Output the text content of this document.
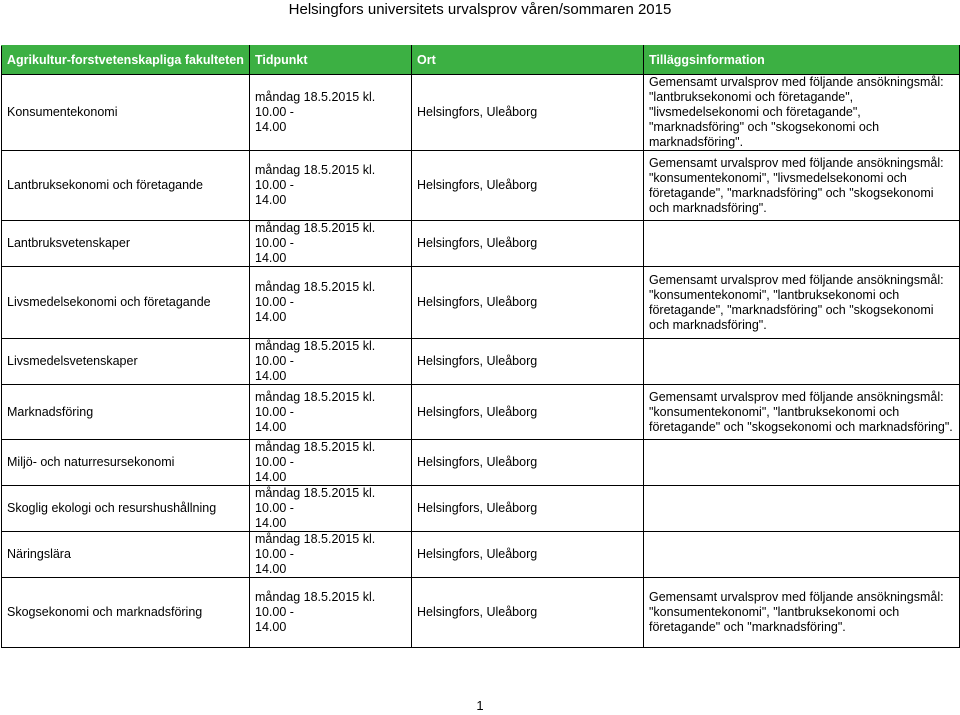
Helsingfors universitets urvalsprov våren/sommaren 2015
Agrikultur-forstvetenskapliga fakulteten	Tidpunkt	Ort	Tilläggsinformation
Konsumentekonomi	måndag 18.5.2015 kl. 10.00 -
14.00	Helsingfors, Uleåborg	Gemensamt urvalsprov med följande ansökningsmål: "lantbruksekonomi och företagande", "livsmedelsekonomi och företagande", "marknadsföring" och "skogsekonomi och marknadsföring".
Lantbruksekonomi och företagande	måndag 18.5.2015 kl. 10.00 -
14.00	Helsingfors, Uleåborg	Gemensamt urvalsprov med följande ansökningsmål: "konsumentekonomi", "livsmedelsekonomi och företagande", "marknadsföring" och "skogsekonomi och marknadsföring".
Lantbruksvetenskaper	måndag 18.5.2015 kl. 10.00 -
14.00	Helsingfors, Uleåborg	
Livsmedelsekonomi och företagande	måndag 18.5.2015 kl. 10.00 -
14.00	Helsingfors, Uleåborg	Gemensamt urvalsprov med följande ansökningsmål: "konsumentekonomi", "lantbruksekonomi och företagande", "marknadsföring" och "skogsekonomi och marknadsföring".
Livsmedelsvetenskaper	måndag 18.5.2015 kl. 10.00 -
14.00	Helsingfors, Uleåborg	
Marknadsföring	måndag 18.5.2015 kl. 10.00 -
14.00	Helsingfors, Uleåborg	Gemensamt urvalsprov med följande ansökningsmål: "konsumentekonomi", "lantbruksekonomi och företagande" och "skogsekonomi och marknadsföring".
Miljö- och naturresursekonomi	måndag 18.5.2015 kl. 10.00 -
14.00	Helsingfors, Uleåborg	
Skoglig ekologi och resurshushållning	måndag 18.5.2015 kl. 10.00 -
14.00	Helsingfors, Uleåborg	
Näringslära	måndag 18.5.2015 kl. 10.00 -
14.00	Helsingfors, Uleåborg	
Skogsekonomi och marknadsföring	måndag 18.5.2015 kl. 10.00 -
14.00	Helsingfors, Uleåborg	Gemensamt urvalsprov med följande ansökningsmål: "konsumentekonomi", "lantbruksekonomi och företagande" och "marknadsföring".
1
